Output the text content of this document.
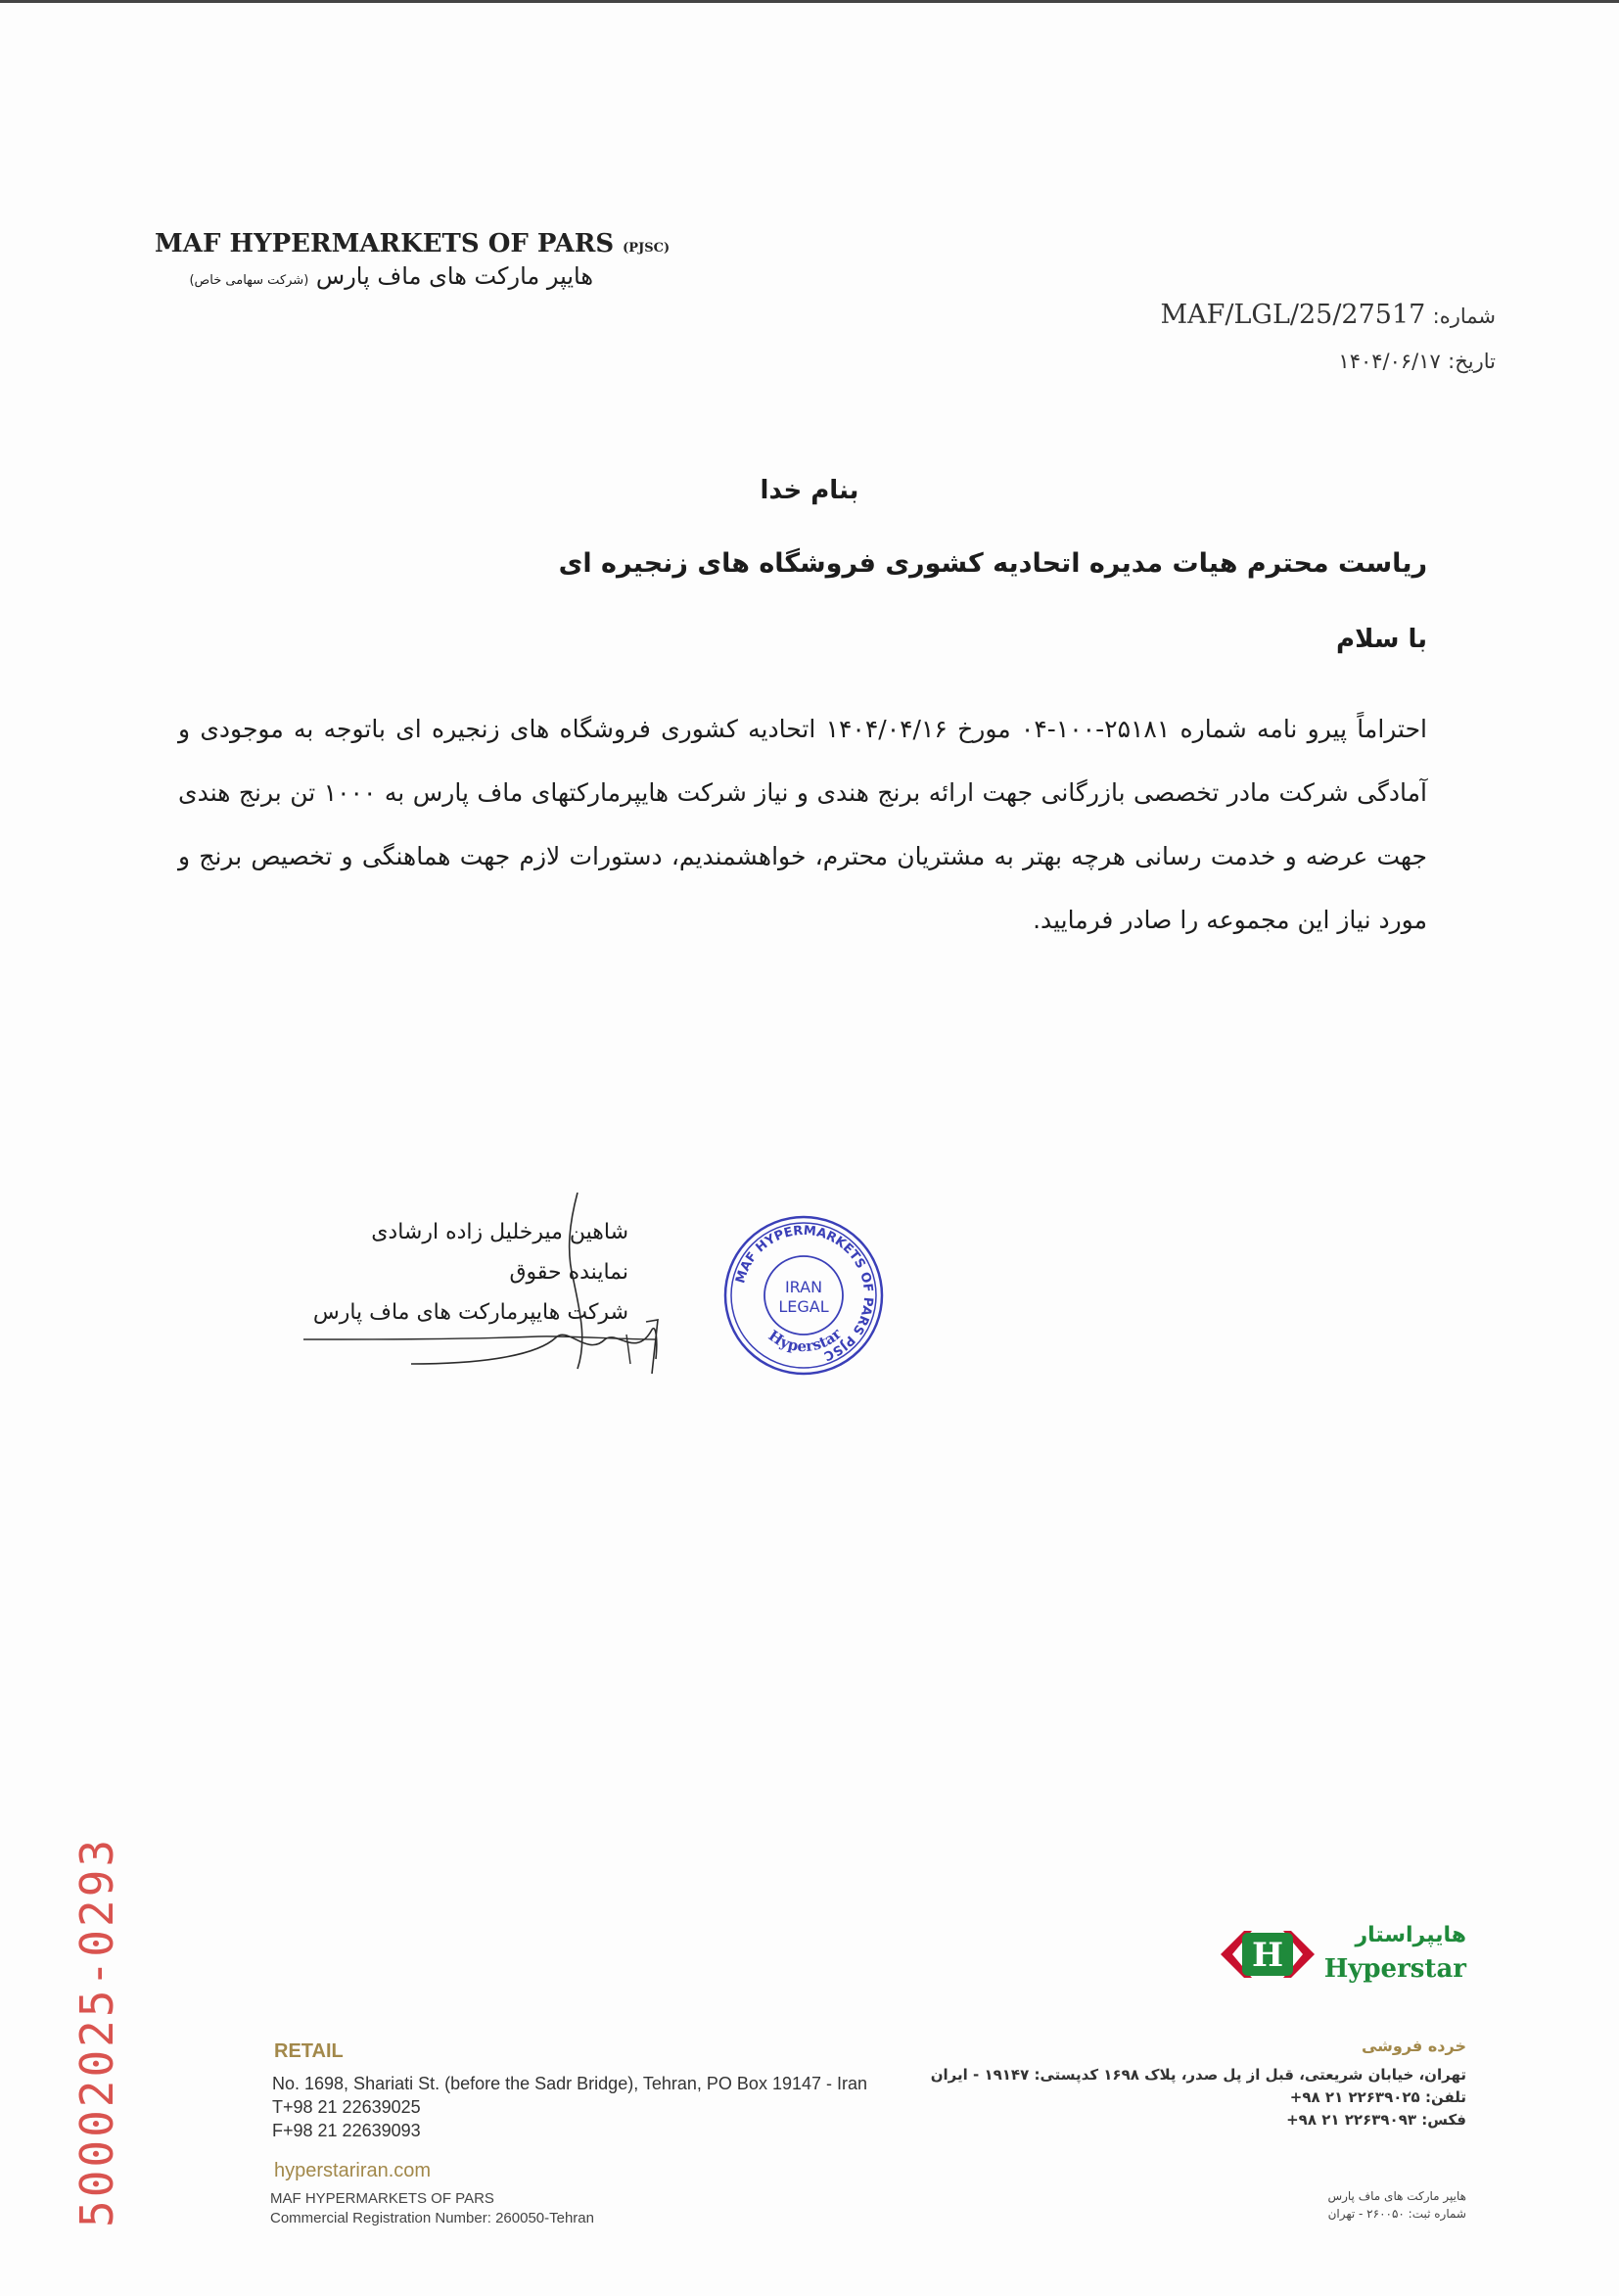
MAF HYPERMARKETS OF PARS (PJSC)
هایپر مارکت های ماف پارس (شرکت سهامی خاص)
شماره: MAF/LGL/25/27517
تاریخ: ۱۴۰۴/۰۶/۱۷
بنام خدا
ریاست محترم هیات مدیره اتحادیه کشوری فروشگاه های زنجیره ای
با سلام
احتراماً پیرو نامه شماره ۲۵۱۸۱-۱۰۰-۰۴ مورخ ۱۴۰۴/۰۴/۱۶ اتحادیه کشوری فروشگاه های زنجیره ای باتوجه به موجودی و آمادگی شرکت مادر تخصصی بازرگانی جهت ارائه برنج هندی و نیاز شرکت هایپرمارکتهای ماف پارس به ۱۰۰۰ تن برنج هندی جهت عرضه و خدمت رسانی هرچه بهتر به مشتریان محترم، خواهشمندیم، دستورات لازم جهت هماهنگی و تخصیص برنج و مورد نیاز این مجموعه را صادر فرمایید.
شاهین میرخلیل زاده ارشادی
نماینده حقوق
شرکت هایپرمارکت های ماف پارس
MAF HYPERMARKETS OF PARS PJSC
IRAN
LEGAL
Hyperstar
50002025-0293	هایپراستار
Hyperstar
H
RETAIL
No. 1698, Shariati St. (before the Sadr Bridge), Tehran, PO Box 19147 - Iran
T+98 21 22639025
F+98 21 22639093
hyperstariran.com
MAF HYPERMARKETS OF PARS
Commercial Registration Number: 260050-Tehran
خرده فروشی
تهران، خیابان شریعتی، قبل از پل صدر، پلاک ۱۶۹۸ کدپستی: ۱۹۱۴۷ - ایران
تلفن: ۲۲۶۳۹۰۲۵ ۲۱ ۹۸+
فکس: ۲۲۶۳۹۰۹۳ ۲۱ ۹۸+
هایپر مارکت های ماف پارس
شماره ثبت: ۲۶۰۰۵۰ - تهران
